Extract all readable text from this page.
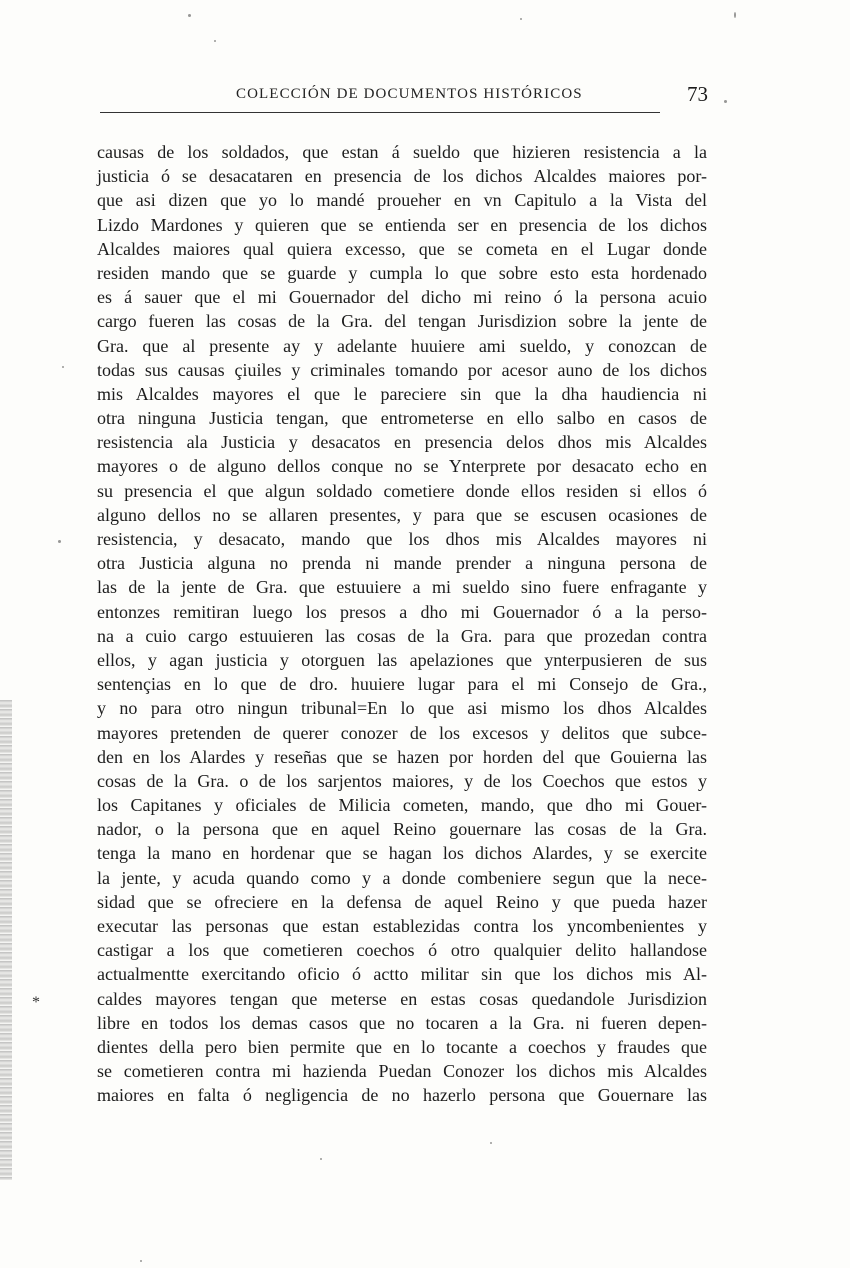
COLECCIÓN DE DOCUMENTOS HISTÓRICOS	73
causas de los soldados, que estan á sueldo que hizieren resistencia a la
justicia ó se desacataren en presencia de los dichos Alcaldes maiores por-
que asi dizen que yo lo mandé proueher en vn Capitulo a la Vista del
Lizdo Mardones y quieren que se entienda ser en presencia de los dichos
Alcaldes maiores qual quiera excesso, que se cometa en el Lugar donde
residen mando que se guarde y cumpla lo que sobre esto esta hordenado
es á sauer que el mi Gouernador del dicho mi reino ó la persona acuio
cargo fueren las cosas de la Gra. del tengan Jurisdizion sobre la jente de
Gra. que al presente ay y adelante huuiere ami sueldo, y conozcan de
todas sus causas çiuiles y criminales tomando por acesor auno de los dichos
mis Alcaldes mayores el que le pareciere sin que la dha haudiencia ni
otra ninguna Justicia tengan, que entrometerse en ello salbo en casos de
resistencia ala Justicia y desacatos en presencia delos dhos mis Alcaldes
mayores o de alguno dellos conque no se Ynterprete por desacato echo en
su presencia el que algun soldado cometiere donde ellos residen si ellos ó
alguno dellos no se allaren presentes, y para que se escusen ocasiones de
resistencia, y desacato, mando que los dhos mis Alcaldes mayores ni
otra Justicia alguna no prenda ni mande prender a ninguna persona de
las de la jente de Gra. que estuuiere a mi sueldo sino fuere enfragante y
entonzes remitiran luego los presos a dho mi Gouernador ó a la perso-
na a cuio cargo estuuieren las cosas de la Gra. para que prozedan contra
ellos, y agan justicia y otorguen las apelaziones que ynterpusieren de sus
sentençias en lo que de dro. huuiere lugar para el mi Consejo de Gra.,
y no para otro ningun tribunal=En lo que asi mismo los dhos Alcaldes
mayores pretenden de querer conozer de los excesos y delitos que subce-
den en los Alardes y reseñas que se hazen por horden del que Gouierna las
cosas de la Gra. o de los sarjentos maiores, y de los Coechos que estos y
los Capitanes y oficiales de Milicia cometen, mando, que dho mi Gouer-
nador, o la persona que en aquel Reino gouernare las cosas de la Gra.
tenga la mano en hordenar que se hagan los dichos Alardes, y se exercite
la jente, y acuda quando como y a donde combeniere segun que la nece-
sidad que se ofreciere en la defensa de aquel Reino y que pueda hazer
executar las personas que estan establezidas contra los yncombenientes y
castigar a los que cometieren coechos ó otro qualquier delito hallandose
actualmentte exercitando oficio ó actto militar sin que los dichos mis Al-
caldes mayores tengan que meterse en estas cosas quedandole Jurisdizion
libre en todos los demas casos que no tocaren a la Gra. ni fueren depen-
dientes della pero bien permite que en lo tocante a coechos y fraudes que
se cometieren contra mi hazienda Puedan Conozer los dichos mis Alcaldes
maiores en falta ó negligencia de no hazerlo persona que Gouernare las
*
